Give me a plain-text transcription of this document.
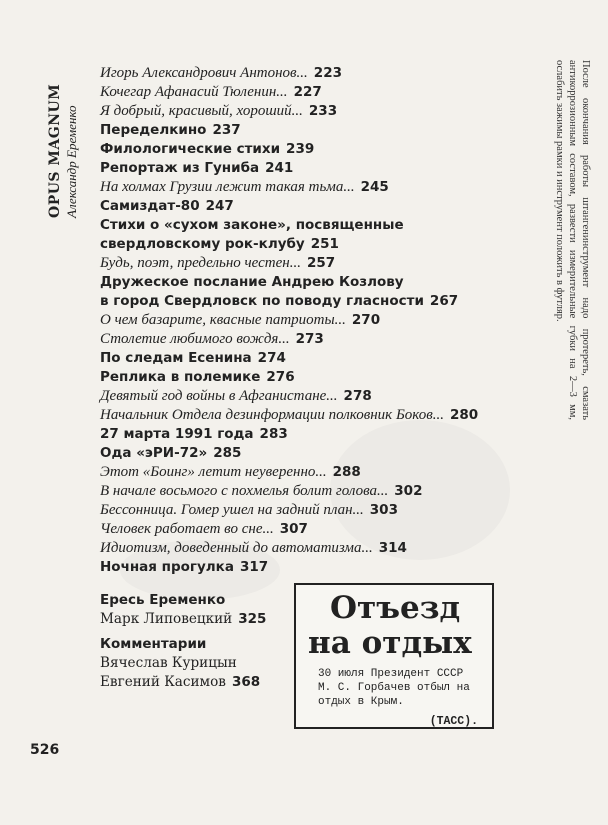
OPUS MAGNUM Александр Еременко
Игорь Александрович Антонов... 223
Кочегар Афанасий Тюленин... 227
Я добрый, красивый, хороший... 233
Переделкино 237
Филологические стихи 239
Репортаж из Гуниба 241
На холмах Грузии лежит такая тьма... 245
Самиздат-80 247
Стихи о «сухом законе», посвященные
свердловскому рок-клубу 251
Будь, поэт, предельно честен... 257
Дружеское послание Андрею Козлову
в город Свердловск по поводу гласности 267
О чем базарите, квасные патриоты... 270
Столетие любимого вождя... 273
По следам Есенина 274
Реплика в полемике 276
Девятый год войны в Афганистане... 278
Начальник Отдела дезинформации полковник Боков... 280
27 марта 1991 года 283
Ода «эРИ-72» 285
Этот «Боинг» летит неуверенно... 288
В начале восьмого с похмелья болит голова... 302
Бессонница. Гомер ушел на задний план... 303
Человек работает во сне... 307
Идиотизм, доведенный до автоматизма... 314
Ночная прогулка 317
Ересь Еременко
Марк Липовецкий 325
Комментарии
Вячеслав Курицын
Евгений Касимов 368
После окончания работы штангенинструмент надо протереть, смазать антикоррозионным составом, развести измерительные губки на 2—3 мм, ослабить зажимы рамки и инструмент положить в футляр.
Отъезд
на отдых
30 июля Президент СССР
М. С. Горбачев отбыл на
отдых в Крым.
(ТАСС).
526
